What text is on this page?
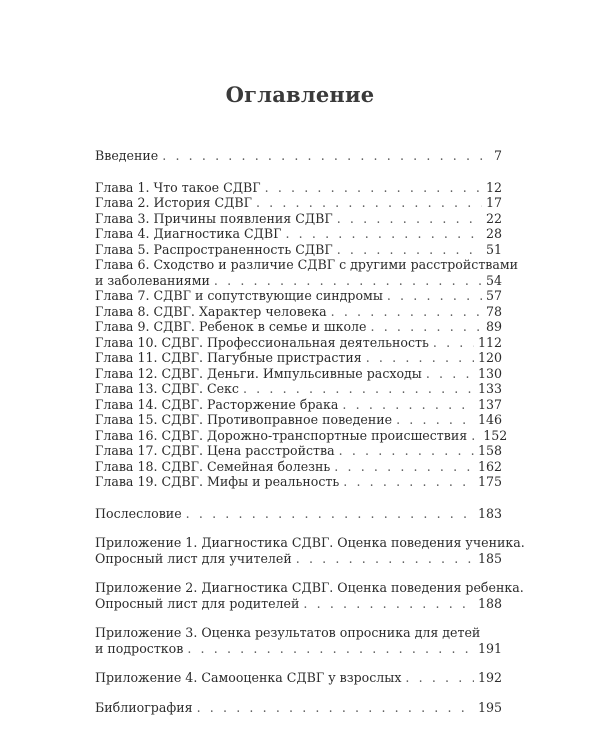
Оглавление
Введение . . .	7
Глава 1. Что такое СДВГ . . .	12
Глава 2. История СДВГ . . .	17
Глава 3. Причины появления СДВГ . . .	22
Глава 4. Диагностика СДВГ . . .	28
Глава 5. Распространенность СДВГ . . .	51
Глава 6. Сходство и различие СДВГ с другими расстройствами
и заболеваниями . . .	54
Глава 7. СДВГ и сопутствующие синдромы . . .	57
Глава 8. СДВГ. Характер человека . . .	78
Глава 9. СДВГ. Ребенок в семье и школе . . .	89
Глава 10. СДВГ. Профессиональная деятельность . . .	112
Глава 11. СДВГ. Пагубные пристрастия . . .	120
Глава 12. СДВГ. Деньги. Импульсивные расходы . . .	130
Глава 13. СДВГ. Секс . . .	133
Глава 14. СДВГ. Расторжение брака . . .	137
Глава 15. СДВГ. Противоправное поведение . . .	146
Глава 16. СДВГ. Дорожно-транспортные происшествия . . . 152
Глава 17. СДВГ. Цена расстройства . . .	158
Глава 18. СДВГ. Семейная болезнь . . .	162
Глава 19. СДВГ. Мифы и реальность . . .	175
Послесловие . . .	183
Приложение 1. Диагностика СДВГ. Оценка поведения ученика.
Опросный лист для учителей . . .	185
Приложение 2. Диагностика СДВГ. Оценка поведения ребенка.
Опросный лист для родителей . . .	188
Приложение 3. Оценка результатов опросника для детей
и подростков . . .	191
Приложение 4. Самооценка СДВГ у взрослых . . .	192
Библиография . . .	195
